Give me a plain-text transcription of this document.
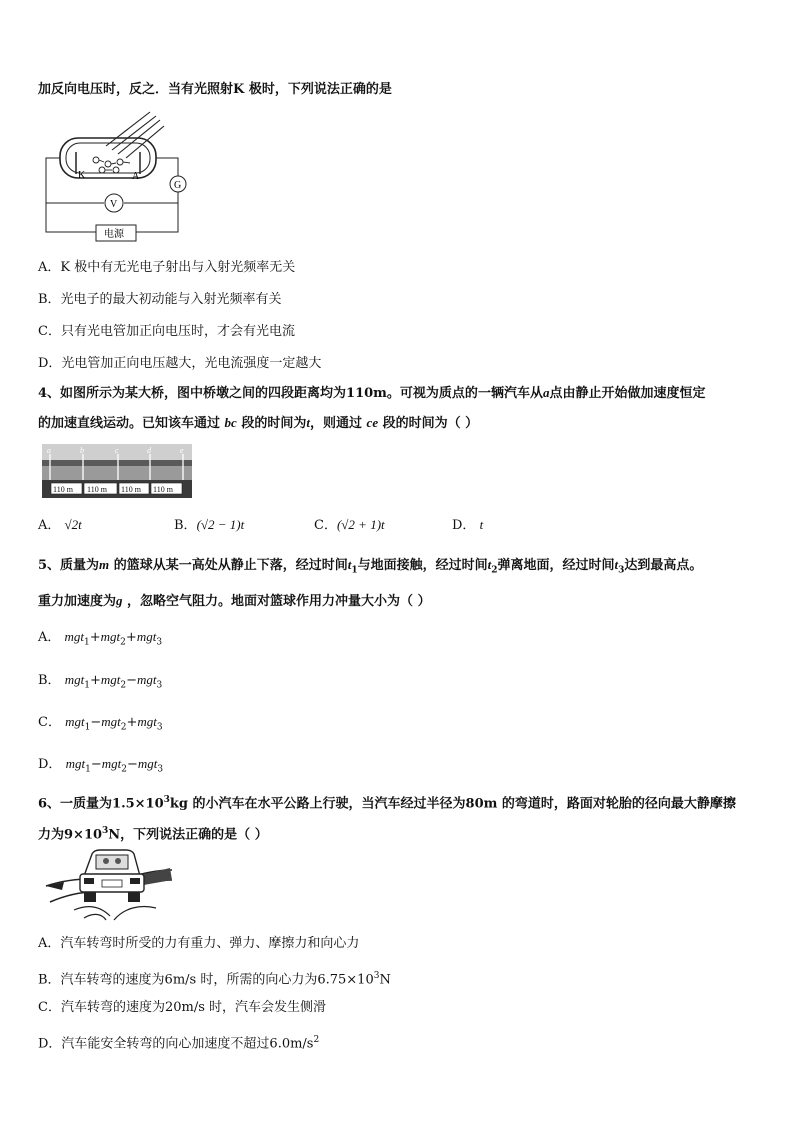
加反向电压时，反之．当有光照射K 极时，下列说法正确的是
K	A
G
V
电源
A．K 极中有无光电子射出与入射光频率无关
B．光电子的最大初动能与入射光频率有关
C．只有光电管加正向电压时，才会有光电流
D．光电管加正向电压越大，光电流强度一定越大
4、如图所示为某大桥，图中桥墩之间的四段距离均为110m。可视为质点的一辆汽车从a点由静止开始做加速度恒定
的加速直线运动。已知该车通过 bc 段的时间为t，则通过 ce 段的时间为（ ）
a	b	c	d	e
110 m 110 m 110 m 110 m
A． √2t	B．(√2 − 1)t	C．(√2 + 1)t	D． t
5、质量为m 的篮球从某一高处从静止下落，经过时间$t_1$与地面接触，经过时间$t_2$弹离地面，经过时间$t_3$达到最高点。
重力加速度为g ，忽略空气阻力。地面对篮球作用力冲量大小为（ ）
A． mgt$_1$+mgt$_2$+mgt$_3$
B． mgt$_1$+mgt$_2$−mgt$_3$
C． mgt$_1$−mgt$_2$+mgt$_3$
D． mgt$_1$−mgt$_2$−mgt$_3$
6、一质量为$1.5\times 10^3kg$ 的小汽车在水平公路上行驶，当汽车经过半径为80m 的弯道时，路面对轮胎的径向最大静摩擦
力为$9\times 10^3N$，下列说法正确的是（ ）
A．汽车转弯时所受的力有重力、弹力、摩擦力和向心力
B．汽车转弯的速度为6m/s 时，所需的向心力为$6.75\times 10^3N$
C．汽车转弯的速度为20m/s 时，汽车会发生侧滑
D．汽车能安全转弯的向心加速度不超过$6.0m/s^2$
